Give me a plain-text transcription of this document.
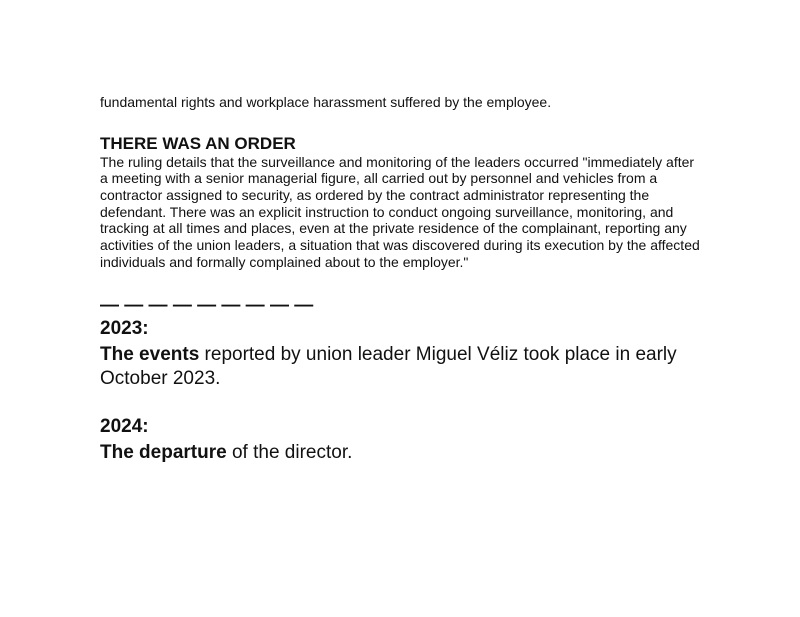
fundamental rights and workplace harassment suffered by the employee.

THERE WAS AN ORDER

The ruling details that the surveillance and monitoring of the leaders occurred "immediately after a meeting with a senior managerial figure, all carried out by personnel and vehicles from a contractor assigned to security, as ordered by the contract administrator representing the defendant. There was an explicit instruction to conduct ongoing surveillance, monitoring, and tracking at all times and places, even at the private residence of the complainant, reporting any activities of the union leaders, a situation that was discovered during its execution by the affected individuals and formally complained about to the employer."

— — — — — — — — —
2023:

The events reported by union leader Miguel Véliz took place in early October 2023.

2024:

The departure of the director.
